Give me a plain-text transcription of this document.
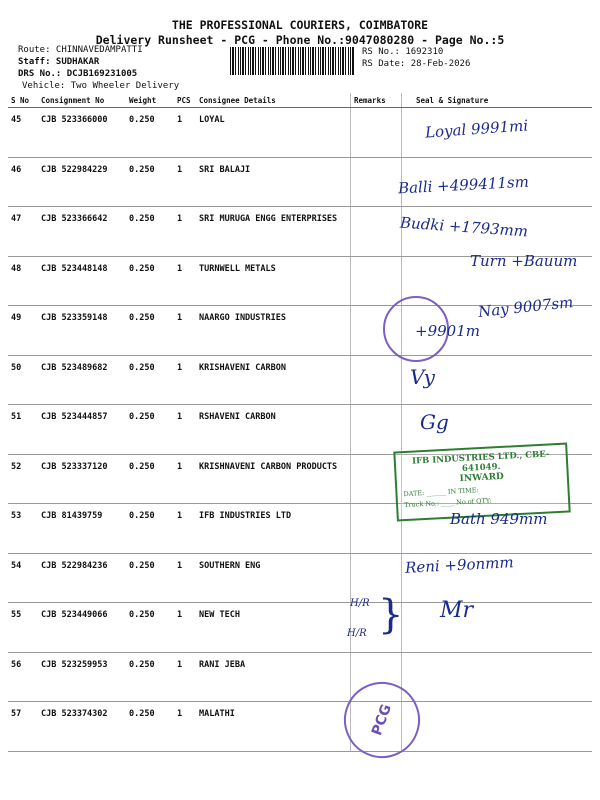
THE PROFESSIONAL COURIERS, COIMBATORE
Delivery Runsheet - PCG - Phone No.:9047080280 - Page No.:5
Route: CHINNAVEDAMPATTI
Staff: SUDHAKAR
DRS No.: DCJB169231005
Vehicle: Two Wheeler Delivery
RS No.: 1692310
RS Date: 28-Feb-2026
S No	Consignment No	Weight	PCS	Consignee Details	Remarks	Seal & Signature
45	CJB 523366000	0.250	1	LOYAL		
46	CJB 522984229	0.250	1	SRI BALAJI		
47	CJB 523366642	0.250	1	SRI MURUGA ENGG ENTERPRISES		
48	CJB 523448148	0.250	1	TURNWELL METALS		
49	CJB 523359148	0.250	1	NAARGO INDUSTRIES		
50	CJB 523489682	0.250	1	KRISHAVENI CARBON		
51	CJB 523444857	0.250	1	RSHAVENI CARBON		
52	CJB 523337120	0.250	1	KRISHNAVENI CARBON PRODUCTS		
53	CJB 81439759	0.250	1	IFB INDUSTRIES LTD		
54	CJB 522984236	0.250	1	SOUTHERN ENG		
55	CJB 523449066	0.250	1	NEW TECH		
56	CJB 523259953	0.250	1	RANI JEBA		
57	CJB 523374302	0.250	1	MALATHI		
Loyal 9991mi
Balli +499411sm
Budki +1793mm
Turn +Bauum
Nay 9007sm
+9901m
Vy
Gg
IFB INDUSTRIES LTD., CBE-641049.
INWARD
DATE: ______ IN TIME:
Truck No.: ____ No.of QTY:
Bath 949mm
Reni +9onmm
Mr
H/R
H/R }
PCG
